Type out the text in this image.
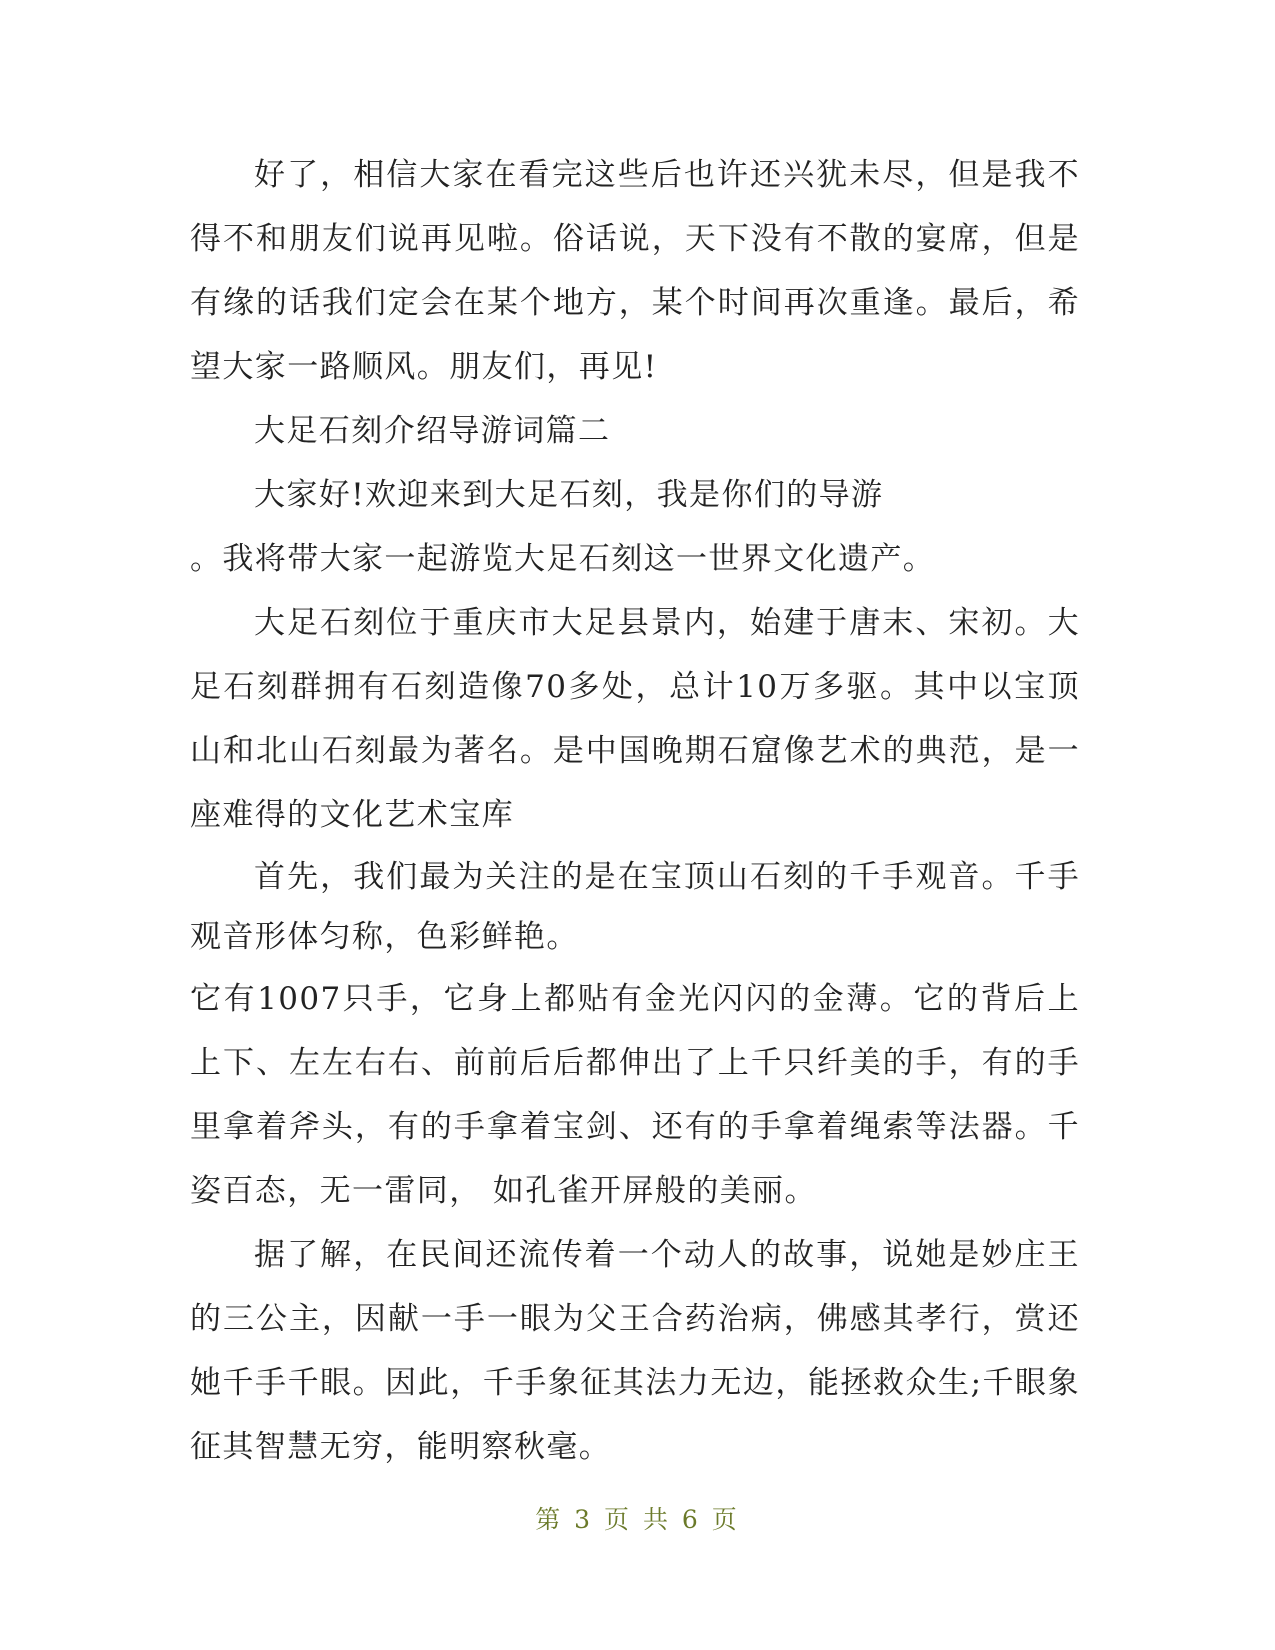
好了，相信大家在看完这些后也许还兴犹未尽，但是我不得不和朋友们说再见啦。俗话说，天下没有不散的宴席，但是有缘的话我们定会在某个地方，某个时间再次重逢。最后，希望大家一路顺风。朋友们，再见!

大足石刻介绍导游词篇二

大家好!欢迎来到大足石刻，我是你们的导游

。我将带大家一起游览大足石刻这一世界文化遗产。

大足石刻位于重庆市大足县景内，始建于唐末、宋初。大足石刻群拥有石刻造像70多处，总计10万多驱。其中以宝顶山和北山石刻最为著名。是中国晚期石窟像艺术的典范，是一座难得的文化艺术宝库

首先，我们最为关注的是在宝顶山石刻的千手观音。千手观音形体匀称，色彩鲜艳。

它有1007只手，它身上都贴有金光闪闪的金薄。它的背后上上下、左左右右、前前后后都伸出了上千只纤美的手，有的手里拿着斧头，有的手拿着宝剑、还有的手拿着绳索等法器。千姿百态，无一雷同， 如孔雀开屏般的美丽。

据了解，在民间还流传着一个动人的故事，说她是妙庄王的三公主，因献一手一眼为父王合药治病，佛感其孝行，赏还她千手千眼。因此，千手象征其法力无边，能拯救众生;千眼象征其智慧无穷，能明察秋毫。

第 3 页 共 6 页
